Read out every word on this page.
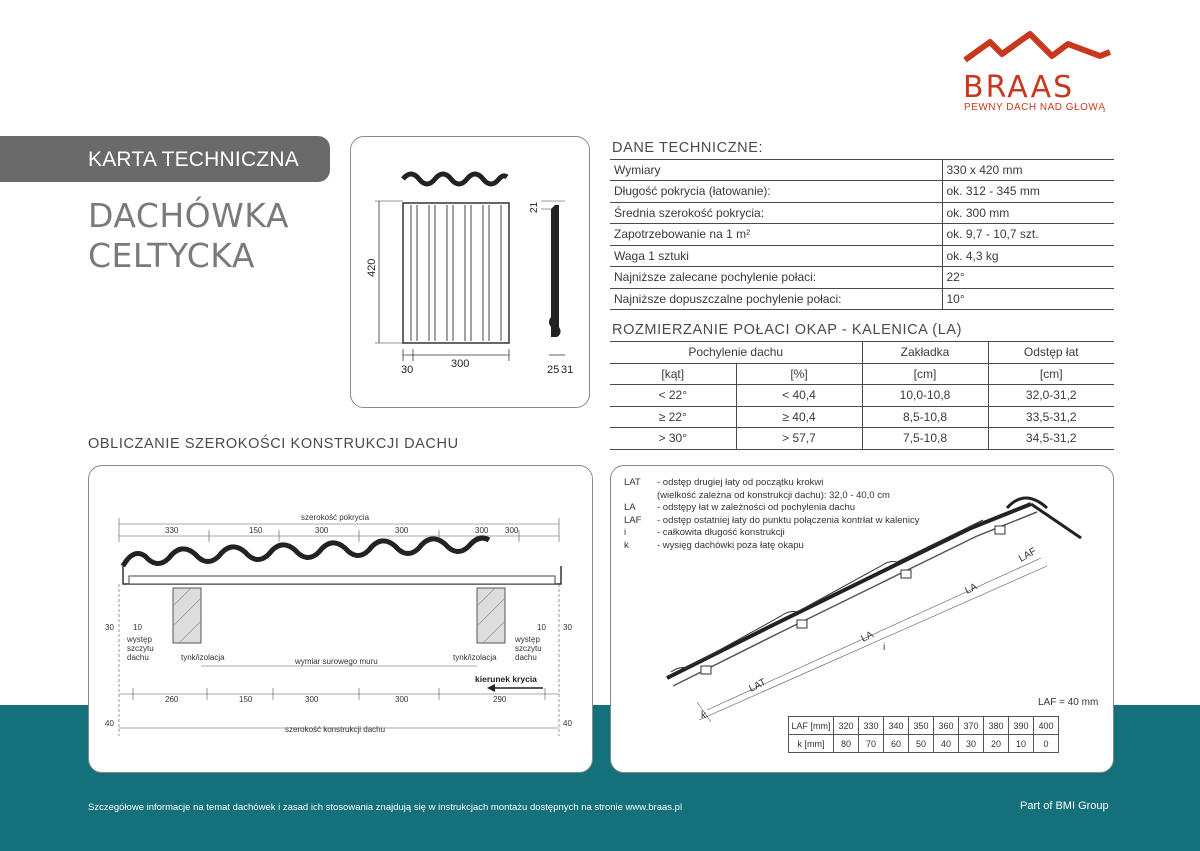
BRAAS
PEWNY DACH NAD GŁOWĄ
KARTA TECHNICZNA
DACHÓWKA
CELTYCKA	420
21
30	300	25 31
DANE TECHNICZNE:
Wymiary	330 x 420 mm
Długość pokrycia (łatowanie):	ok. 312 - 345 mm
Średnia szerokość pokrycia:	ok. 300 mm
Zapotrzebowanie na 1 m²	ok. 9,7 - 10,7 szt.
Waga 1 sztuki	ok. 4,3 kg
Najniższe zalecane pochylenie połaci:	22°
Najniższe dopuszczalne pochylenie połaci:	10°
ROZMIERZANIE POŁACI OKAP - KALENICA (LA)
Pochylenie dachu		Zakładka	Odstęp łat
[kąt]	[%]	[cm]	[cm]
< 22°	< 40,4	10,0-10,8	32,0-31,2
≥ 22°	≥ 40,4	8,5-10,8	33,5-31,2
> 30°	> 57,7	7,5-10,8	34,5-31,2
OBLICZANIE SZEROKOŚCI KONSTRUKCJI DACHU
szerokość pokrycia
330	150	300	300	300 300
30 10	10 30
występ
szczytu
dachu
występ
szczytu
dachu
tynk/izolacja	tynk/izolacja
wymiar surowego muru
kierunek krycia
260	150	300	300	290
40	40
szerokość konstrukcji dachu
LAF
LA
LA
i
LAT
k
LAT	- odstęp drugiej łaty od początku krokwi
(wielkość zależna od konstrukcji dachu): 32,0 - 40,0 cm
LA	- odstępy łat w zależności od pochylenia dachu
LAF	- odstęp ostatniej łaty do punktu połączenia kontrłat w kalenicy
i	- całkowita długość konstrukcji
k	- wysięg dachówki poza łatę okapu
LAF = 40 mm
LAF [mm]	320	330	340	350	360	370	380	390	400
k [mm]	80	70	60	50	40	30	20	10	0
Szczegółowe informacje na temat dachówek i zasad ich stosowania znajdują się w instrukcjach montażu dostępnych na stronie www.braas.pl	Part of BMI Group
